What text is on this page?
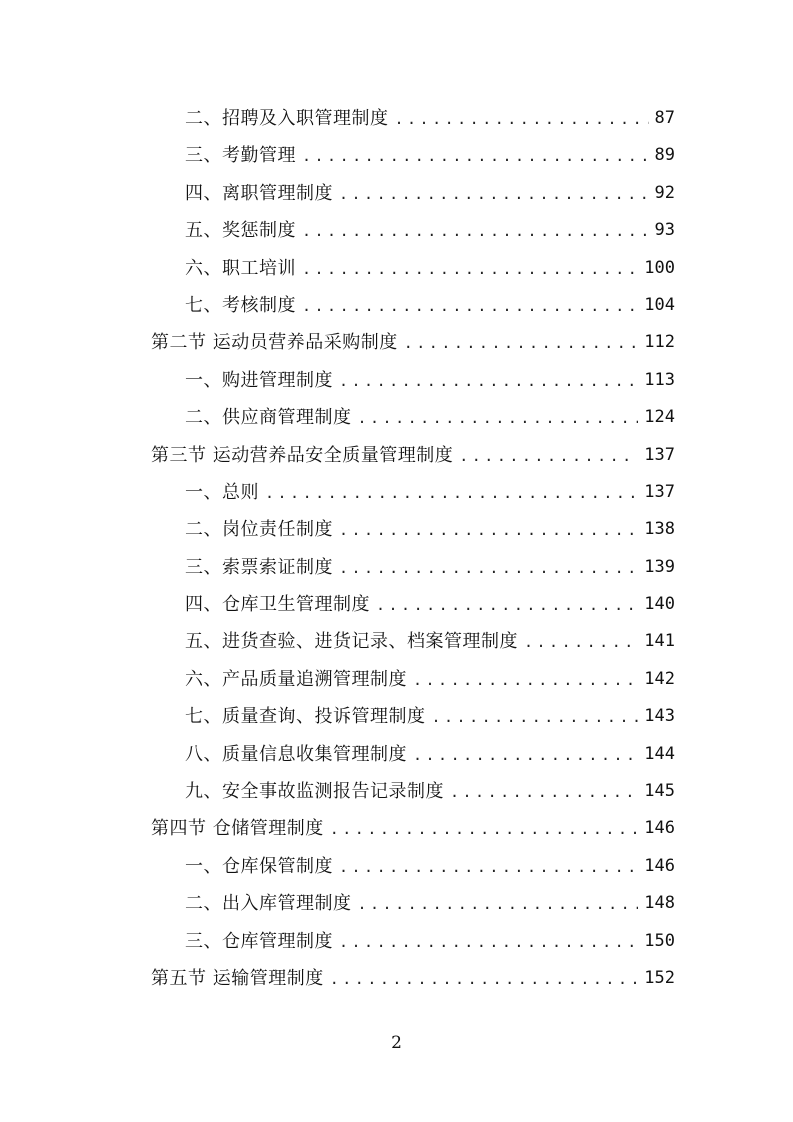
二、招聘及入职管理制度 .....	87
三、考勤管理 .....	89
四、离职管理制度 .....	92
五、奖惩制度 .....	93
六、职工培训 .....	100
七、考核制度 .....	104
第二节 运动员营养品采购制度 .....	112
一、购进管理制度 .....	113
二、供应商管理制度 .....	124
第三节 运动营养品安全质量管理制度 .....	137
一、总则 .....	137
二、岗位责任制度 .....	138
三、索票索证制度 .....	139
四、仓库卫生管理制度 .....	140
五、进货查验、进货记录、档案管理制度 .....	141
六、产品质量追溯管理制度 .....	142
七、质量查询、投诉管理制度 .....	143
八、质量信息收集管理制度 .....	144
九、安全事故监测报告记录制度 .....	145
第四节 仓储管理制度 .....	146
一、仓库保管制度 .....	146
二、出入库管理制度 .....	148
三、仓库管理制度 .....	150
第五节 运输管理制度 .....	152
2
